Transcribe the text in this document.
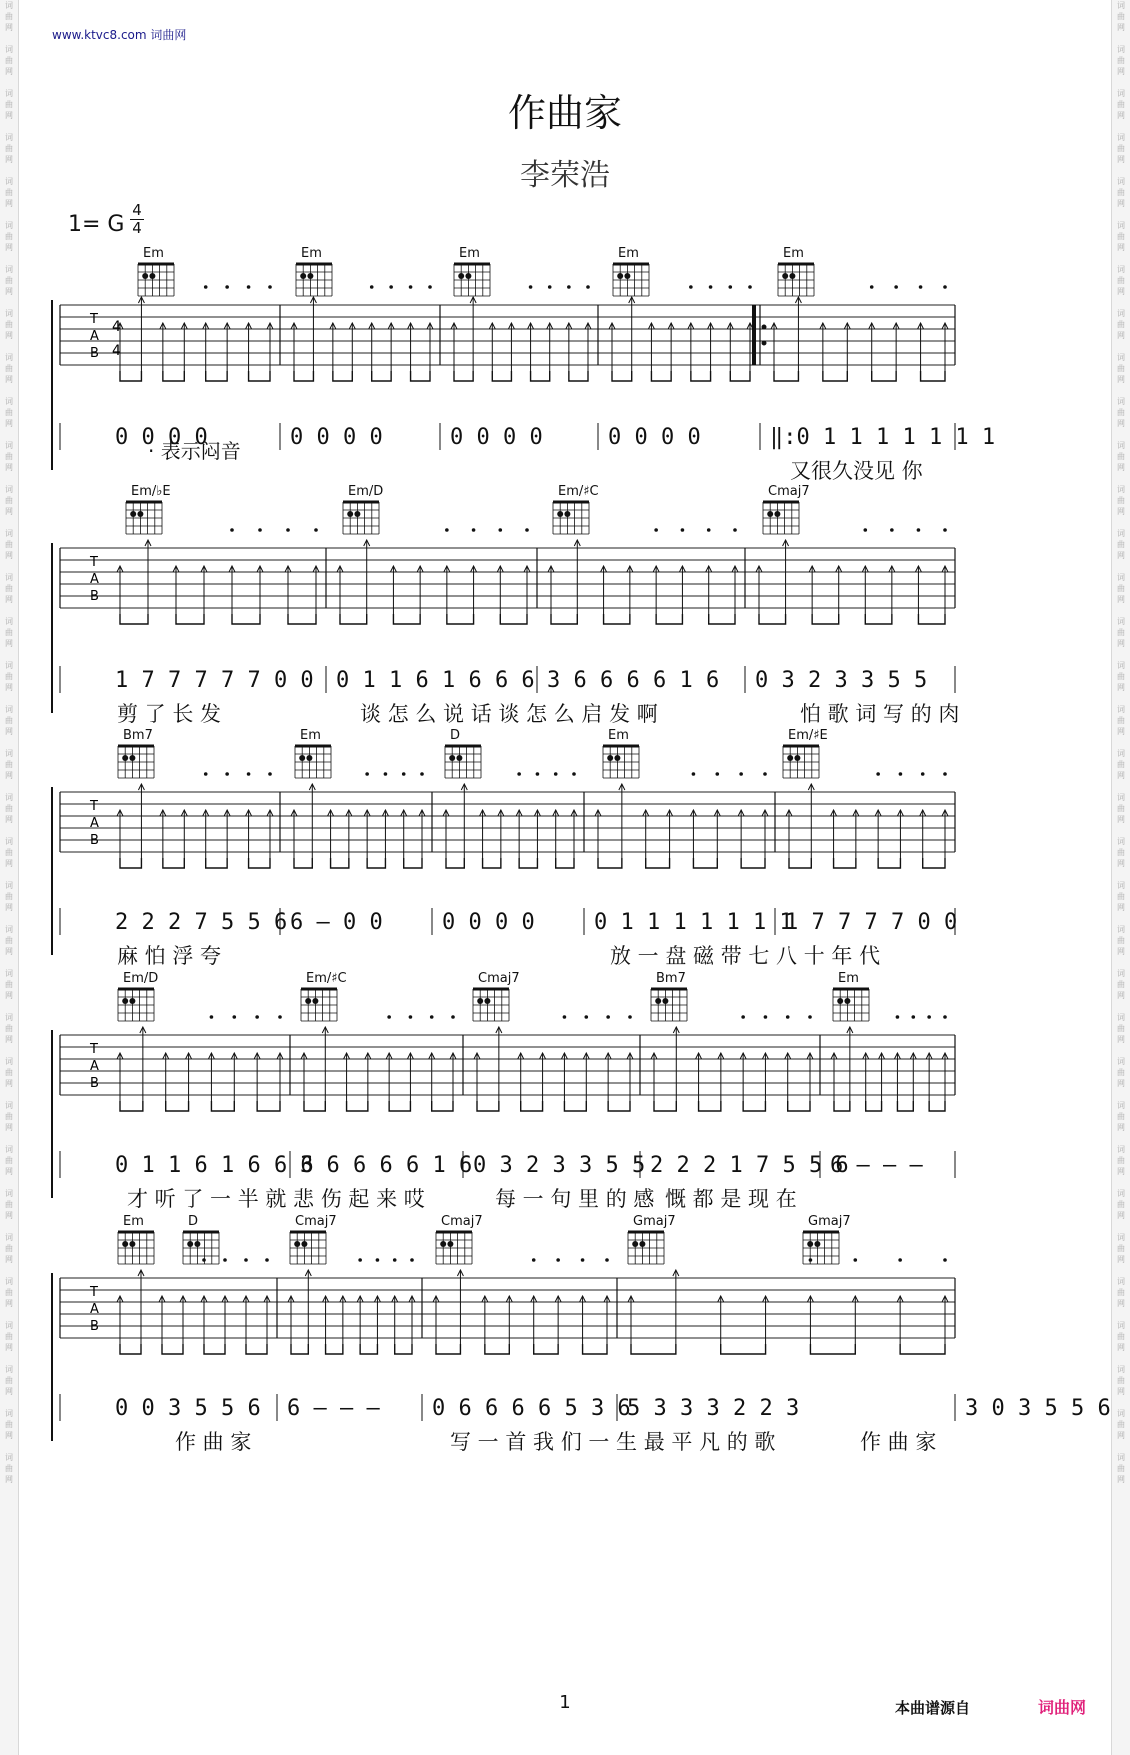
词
曲
网

词
曲
网

词
曲
网

词
曲
网

词
曲
网

词
曲
网

词
曲
网

词
曲
网

词
曲
网

词
曲
网

词
曲
网

词
曲
网

词
曲
网

词
曲
网

词
曲
网

词
曲
网

词
曲
网

词
曲
网

词
曲
网

词
曲
网

词
曲
网

词
曲
网

词
曲
网

词
曲
网

词
曲
网

词
曲
网

词
曲
网

词
曲
网

词
曲
网

词
曲
网

词
曲
网

词
曲
网

词
曲
网

词
曲
网

词
曲
网

词
曲
网

词
曲
网

词
曲
网

词
曲
网

词
曲
网

词
曲
网

词
曲
网

词
曲
网

词
曲
网

词
曲
网

词
曲
网

词
曲
网

词
曲
网

词
曲
网

词
曲
网

词
曲
网

词
曲
网

词
曲
网

词
曲
网

词
曲
网

词
曲
网

词
曲
网

词
曲
网

词
曲
网

词
曲
网

词
曲
网

词
曲
网

词
曲
网

词
曲
网

词
曲
网

词
曲
网

词
曲
网

词
曲
网

www.ktvc8.com 词曲网
作曲家
李荣浩
1= G
4
4
T
A
B
4
4
T
A
B
T
A
B
T
A
B
T
A
B
Em	Em	Em	Em	Em
0 0 0 0	0 0 0 0	0 0 0 0	0 0 0 0	‖:0 1 1 1 1 1 1 1
又很久没见 你
Em/♭E	Em/D	Em/♯C	Cmaj7
1 7 7 7 7 7 0 0 0 1 1 6 1 6 6 6 3 6 6 6 6 1 6 0 3 2 3 3 5 5
剪 了 长 发	谈 怎 么 说 话 谈 怎 么 启 发 啊	怕 歌 词 写 的 肉
Bm7	Em	D	Em	Em/♯E
2 2 2 7 5 5 6 6 – 0 0	0 0 0 0	0 1 1 1 1 1 1 1
1 7 7 7 7 0 0
麻 怕 浮 夸	放 一 盘 磁 带 七 八 十 年 代
Em/D	Em/♯C	Cmaj7	Bm7	Em
0 1 1 6 1 6 6 6
3 6 6 6 6 1 6 0 3 2 3 3 5 5 2 2 2 1 7 5 5 6
6 – – –
才 听 了 一 半 就 悲 伤 起 来 哎	每 一 句 里 的 感 慨 都 是 现 在
Em	D	Cmaj7	Cmaj7	Gmaj7	Gmaj7
0 0 3 5 5 6 6 – – – 0 6 6 6 6 5 3 6
5 3 3 3 2 2 3	3 0 3 5 5 6
作 曲 家	写 一 首 我 们 一 生 最 平 凡 的 歌	作 曲 家
· 表示闷音
1	本曲谱源自	词曲网
